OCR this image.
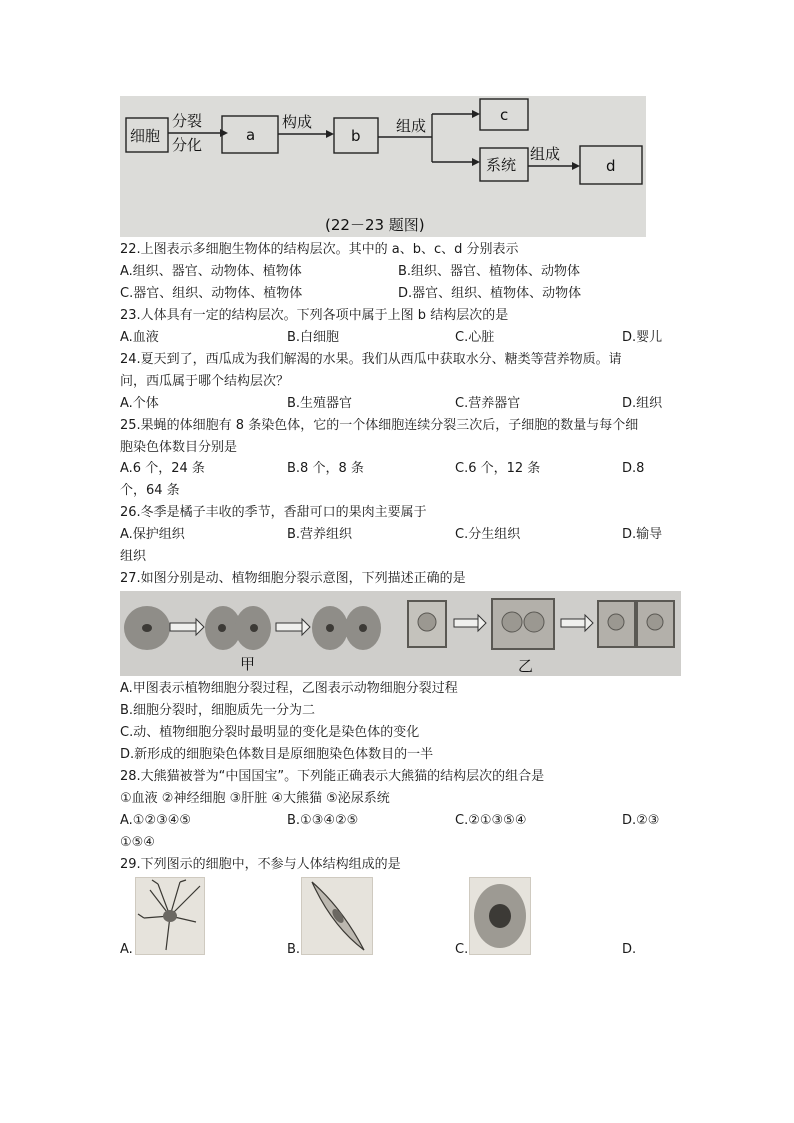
细胞
分裂
分化
a
构成
b
组成
c
系统
组成
d
(22－23 题图)
22.上图表示多细胞生物体的结构层次。其中的 a、b、c、d 分别表示
A.组织、器官、动物体、植物体	B.组织、器官、植物体、动物体
C.器官、组织、动物体、植物体	D.器官、组织、植物体、动物体
23.人体具有一定的结构层次。下列各项中属于上图 b 结构层次的是
A.血液	B.白细胞	C.心脏	D.婴儿
24.夏天到了，西瓜成为我们解渴的水果。我们从西瓜中获取水分、糖类等营养物质。请
问，西瓜属于哪个结构层次？
A.个体	B.生殖器官	C.营养器官	D.组织
25.果蝇的体细胞有 8 条染色体，它的一个体细胞连续分裂三次后，子细胞的数量与每个细
胞染色体数目分别是
A.6 个，24 条	B.8 个，8 条	C.6 个，12 条	D.8
个，64 条
26.冬季是橘子丰收的季节，香甜可口的果肉主要属于
A.保护组织	B.营养组织	C.分生组织	D.输导
组织
27.如图分别是动、植物细胞分裂示意图，下列描述正确的是
甲	乙
A.甲图表示植物细胞分裂过程，乙图表示动物细胞分裂过程
B.细胞分裂时，细胞质先一分为二
C.动、植物细胞分裂时最明显的变化是染色体的变化
D.新形成的细胞染色体数目是原细胞染色体数目的一半
28.大熊猫被誉为“中国国宝”。下列能正确表示大熊猫的结构层次的组合是
①血液 ②神经细胞 ③肝脏 ④大熊猫 ⑤泌尿系统
A.①②③④⑤	B.①③④②⑤	C.②①③⑤④	D.②③
①⑤④
29.下列图示的细胞中，不参与人体结构组成的是
A.	B.	C.	D.
